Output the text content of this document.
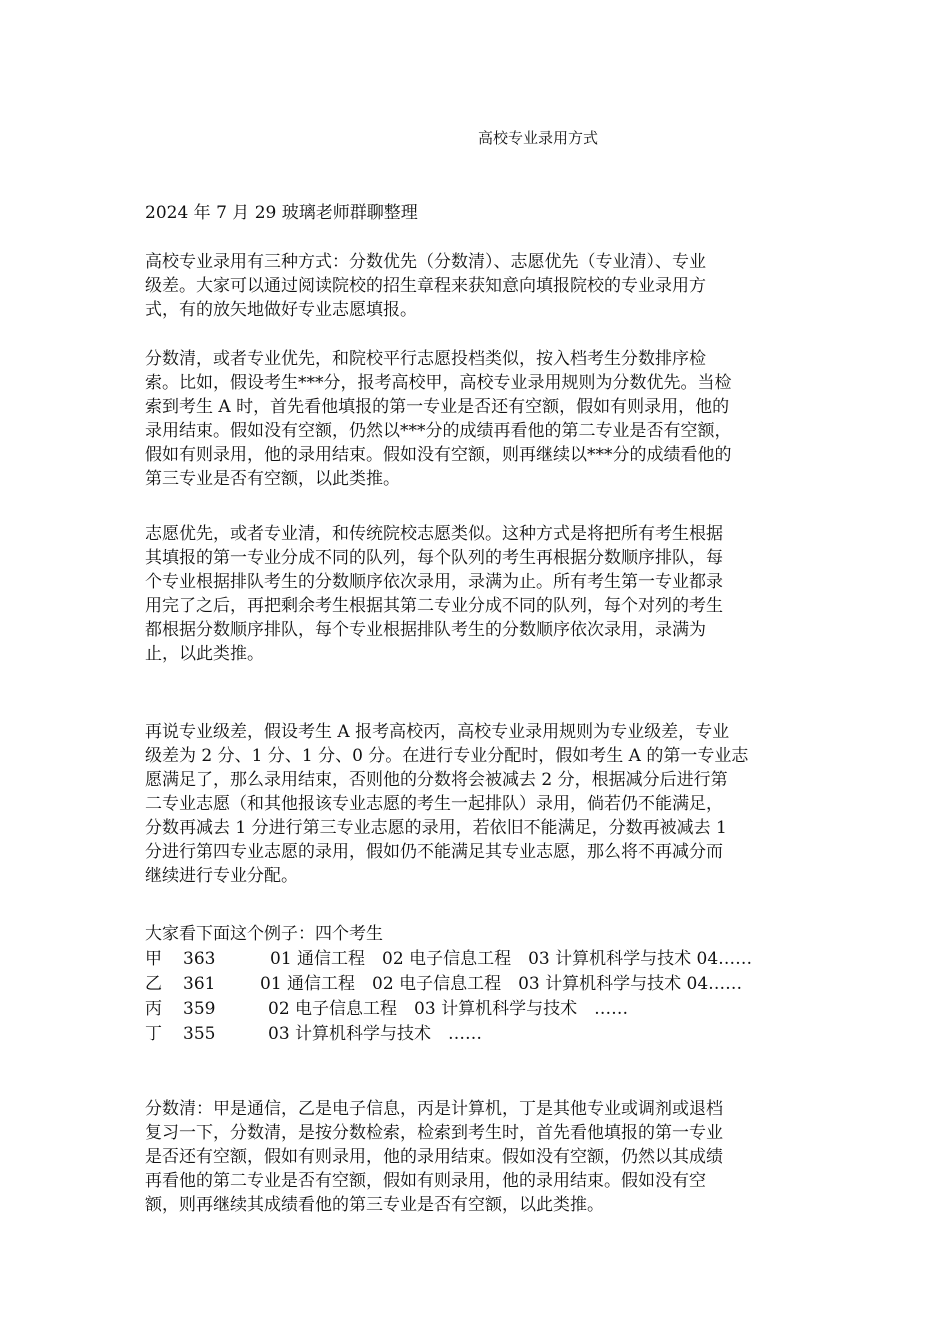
高校专业录用方式
2024 年 7 月 29 玻璃老师群聊整理
高校专业录用有三种方式：分数优先（分数清）、志愿优先（专业清）、专业
级差。大家可以通过阅读院校的招生章程来获知意向填报院校的专业录用方
式，有的放矢地做好专业志愿填报。
分数清，或者专业优先，和院校平行志愿投档类似，按入档考生分数排序检
索。比如，假设考生***分，报考高校甲，高校专业录用规则为分数优先。当检
索到考生 A 时，首先看他填报的第一专业是否还有空额，假如有则录用，他的
录用结束。假如没有空额，仍然以***分的成绩再看他的第二专业是否有空额，
假如有则录用，他的录用结束。假如没有空额，则再继续以***分的成绩看他的
第三专业是否有空额，以此类推。
志愿优先，或者专业清，和传统院校志愿类似。这种方式是将把所有考生根据
其填报的第一专业分成不同的队列，每个队列的考生再根据分数顺序排队，每
个专业根据排队考生的分数顺序依次录用，录满为止。所有考生第一专业都录
用完了之后，再把剩余考生根据其第二专业分成不同的队列，每个对列的考生
都根据分数顺序排队，每个专业根据排队考生的分数顺序依次录用，录满为
止，以此类推。
再说专业级差，假设考生 A 报考高校丙，高校专业录用规则为专业级差，专业
级差为 2 分、1 分、1 分、0 分。在进行专业分配时，假如考生 A 的第一专业志
愿满足了，那么录用结束，否则他的分数将会被减去 2 分，根据减分后进行第
二专业志愿（和其他报该专业志愿的考生一起排队）录用，倘若仍不能满足，
分数再减去 1 分进行第三专业志愿的录用，若依旧不能满足，分数再被减去 1
分进行第四专业志愿的录用，假如仍不能满足其专业志愿，那么将不再减分而
继续进行专业分配。
大家看下面这个例子：四个考生
甲 363	01 通信工程　02 电子信息工程　03 计算机科学与技术 04……
乙 361	01 通信工程　02 电子信息工程　03 计算机科学与技术 04……
丙 359	02 电子信息工程　03 计算机科学与技术　……
丁 355	03 计算机科学与技术　……
分数清：甲是通信，乙是电子信息，丙是计算机，丁是其他专业或调剂或退档
复习一下，分数清，是按分数检索，检索到考生时，首先看他填报的第一专业
是否还有空额，假如有则录用，他的录用结束。假如没有空额，仍然以其成绩
再看他的第二专业是否有空额，假如有则录用，他的录用结束。假如没有空
额，则再继续其成绩看他的第三专业是否有空额，以此类推。
